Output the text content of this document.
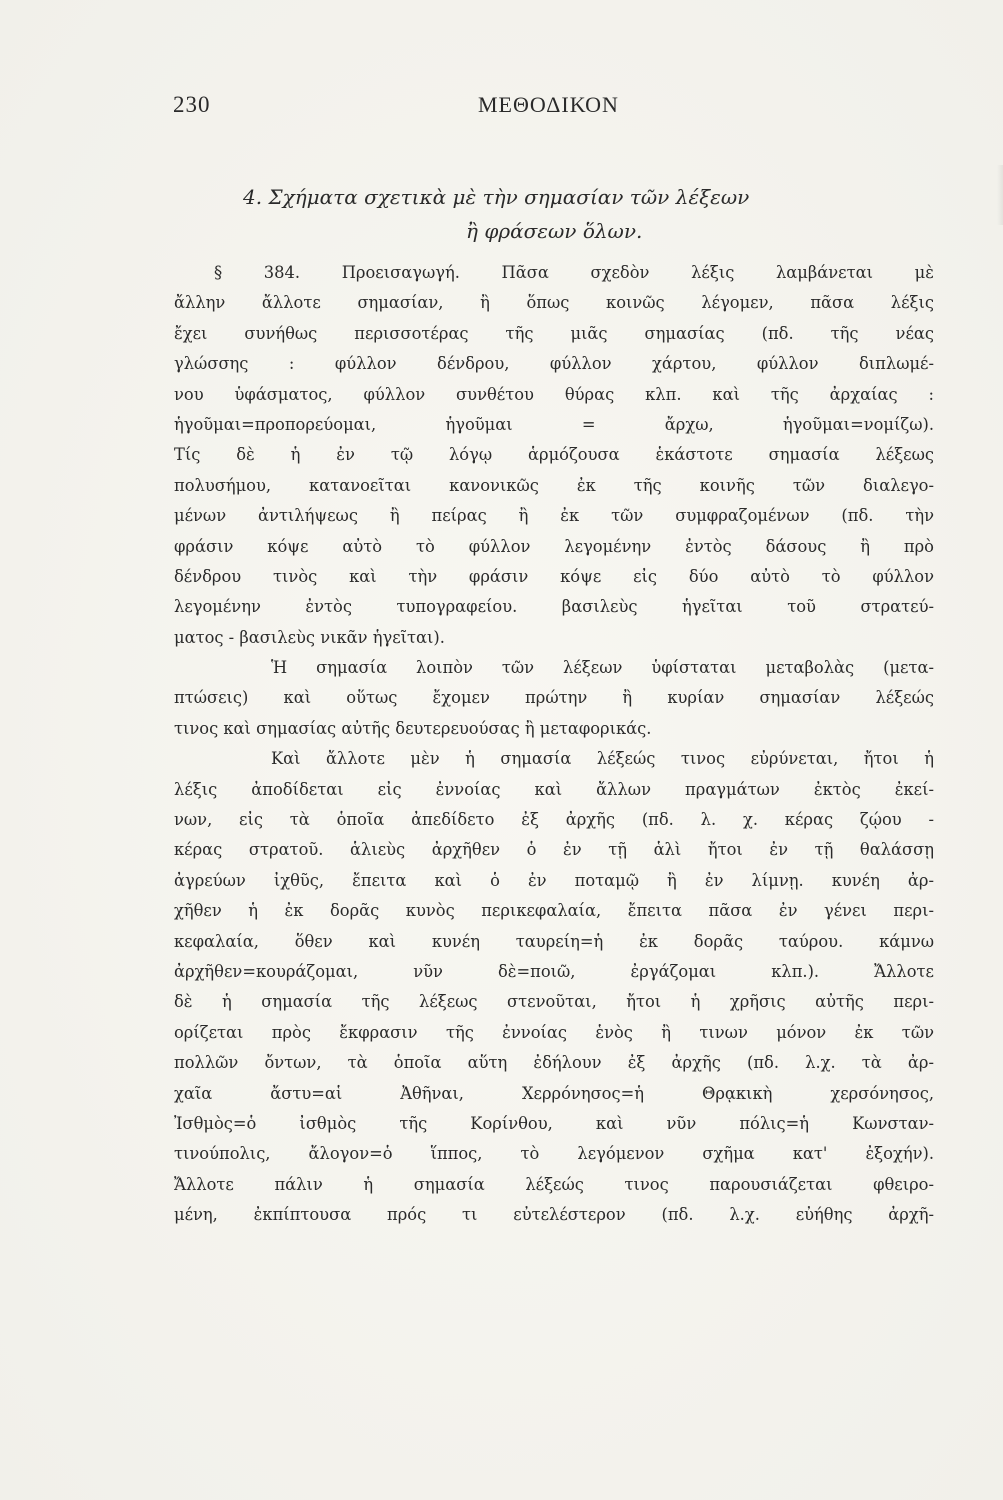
230	ΜΕΘΟΔΙΚΟΝ
4. Σχήματα σχετικὰ μὲ τὴν σημασίαν τῶν λέξεων
ἢ φράσεων ὅλων.
§ 384. Προεισαγωγή. Πᾶσα σχεδὸν λέξις λαμβάνεται μὲ
ἄλλην ἄλλοτε σημασίαν, ἢ ὅπως κοινῶς λέγομεν, πᾶσα λέξις
ἔχει συνήθως περισσοτέρας τῆς μιᾶς σημασίας (πδ. τῆς νέας
γλώσσης : φύλλον δένδρου, φύλλον χάρτου, φύλλον διπλωμέ-
νου ὑφάσματος, φύλλον συνθέτου θύρας κλπ. καὶ τῆς ἀρχαίας :
ἡγοῦμαι=προπορεύομαι, ἡγοῦμαι = ἄρχω, ἡγοῦμαι=νομίζω).
Τίς δὲ ἡ ἐν τῷ λόγῳ ἁρμόζουσα ἑκάστοτε σημασία λέξεως
πολυσήμου, κατανοεῖται κανονικῶς ἐκ τῆς κοινῆς τῶν διαλεγο-
μένων ἀντιλήψεως ἢ πείρας ἢ ἐκ τῶν συμφραζομένων (πδ. τὴν
φράσιν κόψε αὐτὸ τὸ φύλλον λεγομένην ἐντὸς δάσους ἢ πρὸ
δένδρου τινὸς καὶ τὴν φράσιν κόψε εἰς δύο αὐτὸ τὸ φύλλον
λεγομένην ἐντὸς τυπογραφείου. βασιλεὺς ἡγεῖται τοῦ στρατεύ-
ματος - βασιλεὺς νικᾶν ἡγεῖται).
Ἡ σημασία λοιπὸν τῶν λέξεων ὑφίσταται μεταβολὰς (μετα-
πτώσεις) καὶ οὕτως ἔχομεν πρώτην ἢ κυρίαν σημασίαν λέξεώς
τινος καὶ σημασίας αὐτῆς δευτερευούσας ἢ μεταφορικάς.
Καὶ ἄλλοτε μὲν ἡ σημασία λέξεώς τινος εὐρύνεται, ἤτοι ἡ
λέξις ἀποδίδεται εἰς ἐννοίας καὶ ἄλλων πραγμάτων ἐκτὸς ἐκεί-
νων, εἰς τὰ ὁποῖα ἀπεδίδετο ἐξ ἀρχῆς (πδ. λ. χ. κέρας ζῴου -
κέρας στρατοῦ. ἁλιεὺς ἀρχῆθεν ὁ ἐν τῇ ἁλὶ ἤτοι ἐν τῇ θαλάσσῃ
ἀγρεύων ἰχθῦς, ἔπειτα καὶ ὁ ἐν ποταμῷ ἢ ἐν λίμνῃ. κυνέη ἀρ-
χῆθεν ἡ ἐκ δορᾶς κυνὸς περικεφαλαία, ἔπειτα πᾶσα ἐν γένει περι-
κεφαλαία, ὅθεν καὶ κυνέη ταυρείη=ἡ ἐκ δορᾶς ταύρου. κάμνω
ἀρχῆθεν=κουράζομαι, νῦν δὲ=ποιῶ, ἐργάζομαι κλπ.). Ἄλλοτε
δὲ ἡ σημασία τῆς λέξεως στενοῦται, ἤτοι ἡ χρῆσις αὐτῆς περι-
ορίζεται πρὸς ἔκφρασιν τῆς ἐννοίας ἑνὸς ἢ τινων μόνον ἐκ τῶν
πολλῶν ὄντων, τὰ ὁποῖα αὕτη ἐδήλουν ἐξ ἀρχῆς (πδ. λ.χ. τὰ ἀρ-
χαῖα ἄστυ=αἱ Ἀθῆναι, Χερρόνησος=ἡ Θρᾳκικὴ χερσόνησος,
Ἰσθμὸς=ὁ ἰσθμὸς τῆς Κορίνθου, καὶ νῦν πόλις=ἡ Κωνσταν-
τινούπολις, ἄλογον=ὁ ἵππος, τὸ λεγόμενον σχῆμα κατ' ἐξοχήν).
Ἄλλοτε πάλιν ἡ σημασία λέξεώς τινος παρουσιάζεται φθειρο-
μένη, ἐκπίπτουσα πρός τι εὐτελέστερον (πδ. λ.χ. εὐήθης ἀρχῆ-
